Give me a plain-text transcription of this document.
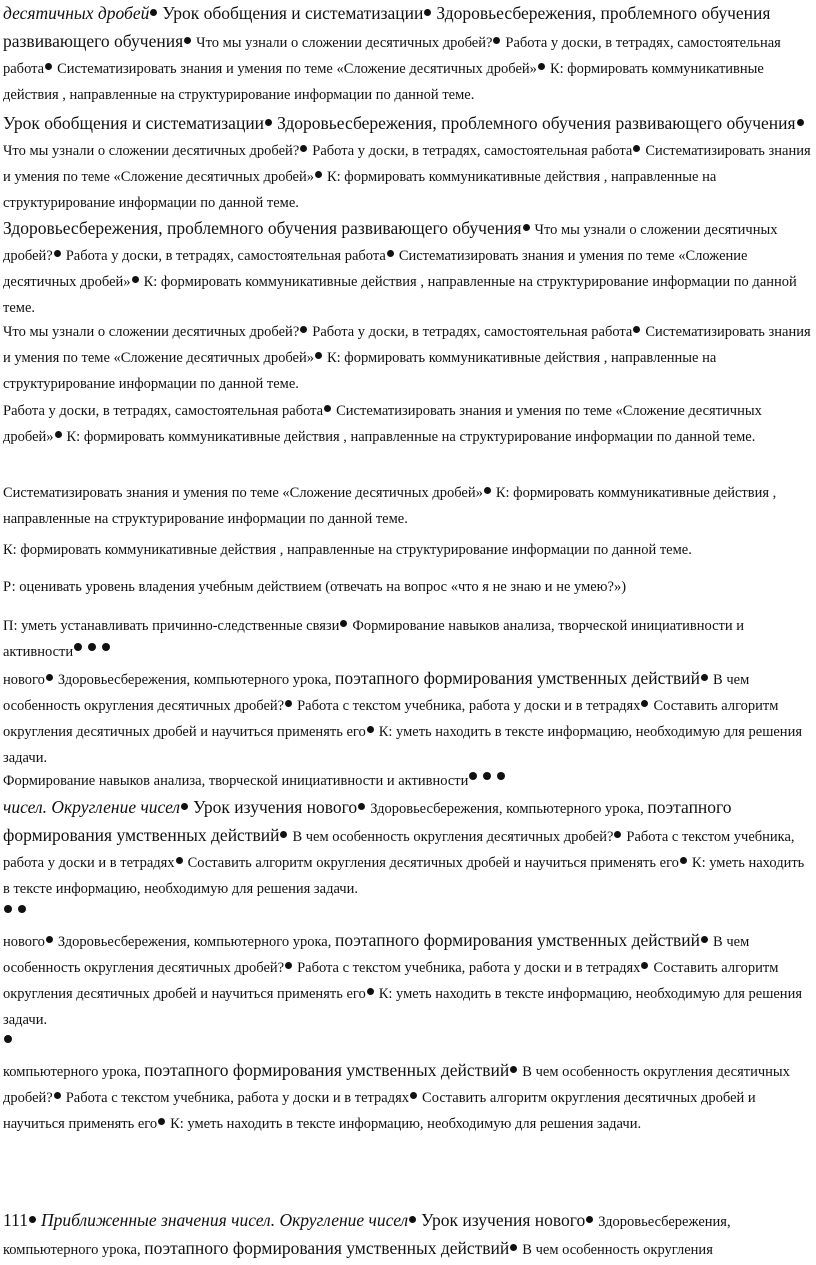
десятичных дробей Урок обобщения и систематизации Здоровьесбережения, проблемного обучения развивающего обучения Что мы узнали о сложении десятичных дробей? Работа у доски, в тетрадях, самостоятельная работа Систематизировать знания и умения по теме «Сложение десятичных дробей» К: формировать коммуникативные действия , направленные на структурирование информации по данной теме.

Урок обобщения и систематизации Здоровьесбережения, проблемного обучения развивающего обученияЧто мы узнали о сложении десятичных дробей? Работа у доски, в тетрадях, самостоятельная работа Систематизировать знания и умения по теме «Сложение десятичных дробей» К: формировать коммуникативные действия , направленные на структурирование информации по данной теме.

Здоровьесбережения, проблемного обучения развивающего обучения Что мы узнали о сложении десятичных дробей? Работа у доски, в тетрадях, самостоятельная работа Систематизировать знания и умения по теме «Сложение десятичных дробей» К: формировать коммуникативные действия , направленные на структурирование информации по данной теме.

Что мы узнали о сложении десятичных дробей? Работа у доски, в тетрадях, самостоятельная работа Систематизировать знания и умения по теме «Сложение десятичных дробей» К: формировать коммуникативные действия , направленные на структурирование информации по данной теме.

Работа у доски, в тетрадях, самостоятельная работа Систематизировать знания и умения по теме «Сложение десятичных дробей» К: формировать коммуникативные действия , направленные на структурирование информации по данной теме.

Систематизировать знания и умения по теме «Сложение десятичных дробей» К: формировать коммуникативные действия , направленные на структурирование информации по данной теме.

К: формировать коммуникативные действия , направленные на структурирование информации по данной теме.

Р: оценивать уровень владения учебным действием (отвечать на вопрос «что я не знаю и не умею?»)

П: уметь устанавливать причинно-следственные связи Формирование навыков анализа, творческой инициативности и активности
нового Здоровьесбережения, компьютерного урока, поэтапного формирования умственных действий В чем особенность округления десятичных дробей? Работа с текстом учебника, работа у доски и в тетрадях Составить алгоритм округления десятичных дробей и научиться применять его К: уметь находить в тексте информацию, необходимую для решения задачи.

Формирование навыков анализа, творческой инициативности и активности
чисел. Округление чисел Урок изучения нового Здоровьесбережения, компьютерного урока, поэтапного формирования умственных действий В чем особенность округления десятичных дробей? Работа с текстом учебника, работа у доски и в тетрадях Составить алгоритм округления десятичных дробей и научиться применять его К: уметь находить в тексте информацию, необходимую для решения задачи.

нового Здоровьесбережения, компьютерного урока, поэтапного формирования умственных действий В чем особенность округления десятичных дробей? Работа с текстом учебника, работа у доски и в тетрадях Составить алгоритм округления десятичных дробей и научиться применять его К: уметь находить в тексте информацию, необходимую для решения задачи.

компьютерного урока, поэтапного формирования умственных действий В чем особенность округления десятичных дробей? Работа с текстом учебника, работа у доски и в тетрадях Составить алгоритм округления десятичных дробей и научиться применять его К: уметь находить в тексте информацию, необходимую для решения задачи.

111 Приближенные значения чисел. Округление чисел Урок изучения нового Здоровьесбережения, компьютерного урока, поэтапного формирования умственных действий В чем особенность округления
